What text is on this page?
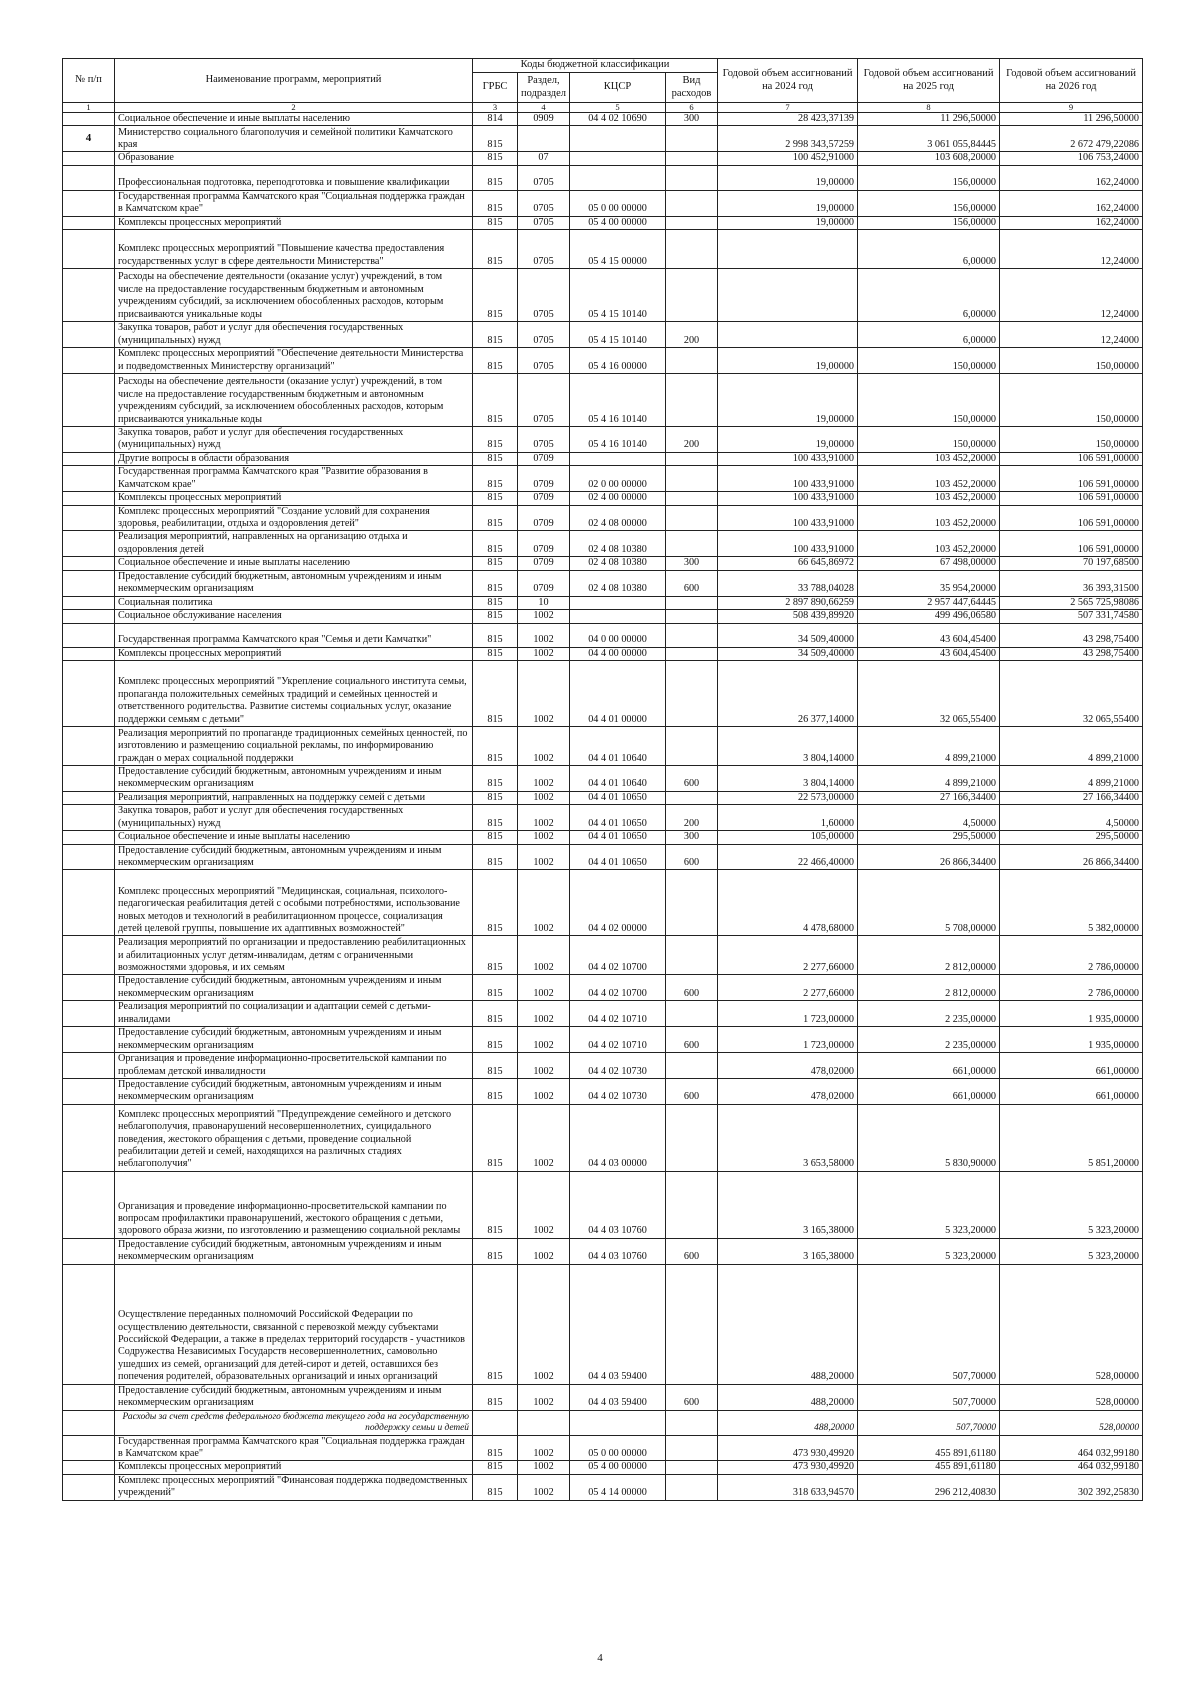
№ п/п	Наименование программ, мероприятий	Коды бюджетной классификации				Годовой объем ассигнований на 2024 год	Годовой объем ассигнований на 2025 год	Годовой объем ассигнований на 2026 год
		ГРБС	Раздел, подраздел	КЦСР	Вид расходов			
1	2	3	4	5	6	7	8	9
	Социальное обеспечение и иные выплаты населению	814	0909	04 4 02 10690	300	28 423,37139	11 296,50000	11 296,50000
4	Министерство социального благополучия и семейной политики Камчатского края	815				2 998 343,57259	3 061 055,84445	2 672 479,22086
	Образование	815	07			100 452,91000	103 608,20000	106 753,24000
	Профессиональная подготовка, переподготовка и повышение квалификации	815	0705			19,00000	156,00000	162,24000
	Государственная программа Камчатского края "Социальная поддержка граждан в Камчатском крае"	815	0705	05 0 00 00000		19,00000	156,00000	162,24000
	Комплексы процессных мероприятий	815	0705	05 4 00 00000		19,00000	156,00000	162,24000
	Комплекс процессных мероприятий "Повышение качества предоставления государственных услуг в сфере деятельности Министерства"	815	0705	05 4 15 00000			6,00000	12,24000
	Расходы на обеспечение деятельности (оказание услуг) учреждений, в том числе на предоставление государственным бюджетным и автономным учреждениям субсидий, за исключением обособленных расходов, которым присваиваются уникальные коды	815	0705	05 4 15 10140			6,00000	12,24000
	Закупка товаров, работ и услуг для обеспечения государственных (муниципальных) нужд	815	0705	05 4 15 10140	200		6,00000	12,24000
	Комплекс процессных мероприятий "Обеспечение деятельности Министерства и подведомственных Министерству организаций"	815	0705	05 4 16 00000		19,00000	150,00000	150,00000
	Расходы на обеспечение деятельности (оказание услуг) учреждений, в том числе на предоставление государственным бюджетным и автономным учреждениям субсидий, за исключением обособленных расходов, которым присваиваются уникальные коды	815	0705	05 4 16 10140		19,00000	150,00000	150,00000
	Закупка товаров, работ и услуг для обеспечения государственных (муниципальных) нужд	815	0705	05 4 16 10140	200	19,00000	150,00000	150,00000
	Другие вопросы в области образования	815	0709			100 433,91000	103 452,20000	106 591,00000
	Государственная программа Камчатского края "Развитие образования в Камчатском крае"	815	0709	02 0 00 00000		100 433,91000	103 452,20000	106 591,00000
	Комплексы процессных мероприятий	815	0709	02 4 00 00000		100 433,91000	103 452,20000	106 591,00000
	Комплекс процессных мероприятий "Создание условий для сохранения здоровья, реабилитации, отдыха и оздоровления детей"	815	0709	02 4 08 00000		100 433,91000	103 452,20000	106 591,00000
	Реализация мероприятий, направленных на организацию отдыха и оздоровления детей	815	0709	02 4 08 10380		100 433,91000	103 452,20000	106 591,00000
	Социальное обеспечение и иные выплаты населению	815	0709	02 4 08 10380	300	66 645,86972	67 498,00000	70 197,68500
	Предоставление субсидий бюджетным, автономным учреждениям и иным некоммерческим организациям	815	0709	02 4 08 10380	600	33 788,04028	35 954,20000	36 393,31500
	Социальная политика	815	10			2 897 890,66259	2 957 447,64445	2 565 725,98086
	Социальное обслуживание населения	815	1002			508 439,89920	499 496,06580	507 331,74580
	Государственная программа Камчатского края "Семья и дети Камчатки"	815	1002	04 0 00 00000		34 509,40000	43 604,45400	43 298,75400
	Комплексы процессных мероприятий	815	1002	04 4 00 00000		34 509,40000	43 604,45400	43 298,75400
	Комплекс процессных мероприятий "Укрепление социального института семьи, пропаганда положительных семейных традиций и семейных ценностей и ответственного родительства. Развитие системы социальных услуг, оказание поддержки семьям с детьми"	815	1002	04 4 01 00000		26 377,14000	32 065,55400	32 065,55400
	Реализация мероприятий по пропаганде традиционных семейных ценностей, по изготовлению и размещению социальной рекламы, по информированию граждан о мерах социальной поддержки	815	1002	04 4 01 10640		3 804,14000	4 899,21000	4 899,21000
	Предоставление субсидий бюджетным, автономным учреждениям и иным некоммерческим организациям	815	1002	04 4 01 10640	600	3 804,14000	4 899,21000	4 899,21000
	Реализация мероприятий, направленных на поддержку семей с детьми	815	1002	04 4 01 10650		22 573,00000	27 166,34400	27 166,34400
	Закупка товаров, работ и услуг для обеспечения государственных (муниципальных) нужд	815	1002	04 4 01 10650	200	1,60000	4,50000	4,50000
	Социальное обеспечение и иные выплаты населению	815	1002	04 4 01 10650	300	105,00000	295,50000	295,50000
	Предоставление субсидий бюджетным, автономным учреждениям и иным некоммерческим организациям	815	1002	04 4 01 10650	600	22 466,40000	26 866,34400	26 866,34400
	Комплекс процессных мероприятий "Медицинская, социальная, психолого-педагогическая реабилитация детей с особыми потребностями, использование новых методов и технологий в реабилитационном процессе, социализация детей целевой группы, повышение их адаптивных возможностей"	815	1002	04 4 02 00000		4 478,68000	5 708,00000	5 382,00000
	Реализация мероприятий по организации и предоставлению реабилитационных и абилитационных услуг детям-инвалидам, детям с ограниченными возможностями здоровья, и их семьям	815	1002	04 4 02 10700		2 277,66000	2 812,00000	2 786,00000
	Предоставление субсидий бюджетным, автономным учреждениям и иным некоммерческим организациям	815	1002	04 4 02 10700	600	2 277,66000	2 812,00000	2 786,00000
	Реализация мероприятий по социализации и адаптации семей с детьми-инвалидами	815	1002	04 4 02 10710		1 723,00000	2 235,00000	1 935,00000
	Предоставление субсидий бюджетным, автономным учреждениям и иным некоммерческим организациям	815	1002	04 4 02 10710	600	1 723,00000	2 235,00000	1 935,00000
	Организация и проведение информационно-просветительской кампании по проблемам детской инвалидности	815	1002	04 4 02 10730		478,02000	661,00000	661,00000
	Предоставление субсидий бюджетным, автономным учреждениям и иным некоммерческим организациям	815	1002	04 4 02 10730	600	478,02000	661,00000	661,00000
	Комплекс процессных мероприятий "Предупреждение семейного и детского неблагополучия, правонарушений несовершеннолетних, суицидального поведения, жестокого обращения с детьми, проведение социальной реабилитации детей и семей, находящихся на различных стадиях неблагополучия"	815	1002	04 4 03 00000		3 653,58000	5 830,90000	5 851,20000
	Организация и проведение информационно-просветительской кампании по вопросам профилактики правонарушений, жестокого обращения с детьми, здорового образа жизни, по изготовлению и размещению социальной рекламы	815	1002	04 4 03 10760		3 165,38000	5 323,20000	5 323,20000
	Предоставление субсидий бюджетным, автономным учреждениям и иным некоммерческим организациям	815	1002	04 4 03 10760	600	3 165,38000	5 323,20000	5 323,20000
	Осуществление переданных полномочий Российской Федерации по осуществлению деятельности, связанной с перевозкой между субъектами Российской Федерации, а также в пределах территорий государств - участников Содружества Независимых Государств несовершеннолетних, самовольно ушедших из семей, организаций для детей-сирот и детей, оставшихся без попечения родителей, образовательных организаций и иных организаций	815	1002	04 4 03 59400		488,20000	507,70000	528,00000
	Предоставление субсидий бюджетным, автономным учреждениям и иным некоммерческим организациям	815	1002	04 4 03 59400	600	488,20000	507,70000	528,00000
	Расходы за счет средств федерального бюджета текущего года на государственную поддержку семьи и детей					488,20000	507,70000	528,00000
	Государственная программа Камчатского края "Социальная поддержка граждан в Камчатском крае"	815	1002	05 0 00 00000		473 930,49920	455 891,61180	464 032,99180
	Комплексы процессных мероприятий	815	1002	05 4 00 00000		473 930,49920	455 891,61180	464 032,99180
	Комплекс процессных мероприятий "Финансовая поддержка подведомственных учреждений"	815	1002	05 4 14 00000		318 633,94570	296 212,40830	302 392,25830
4
